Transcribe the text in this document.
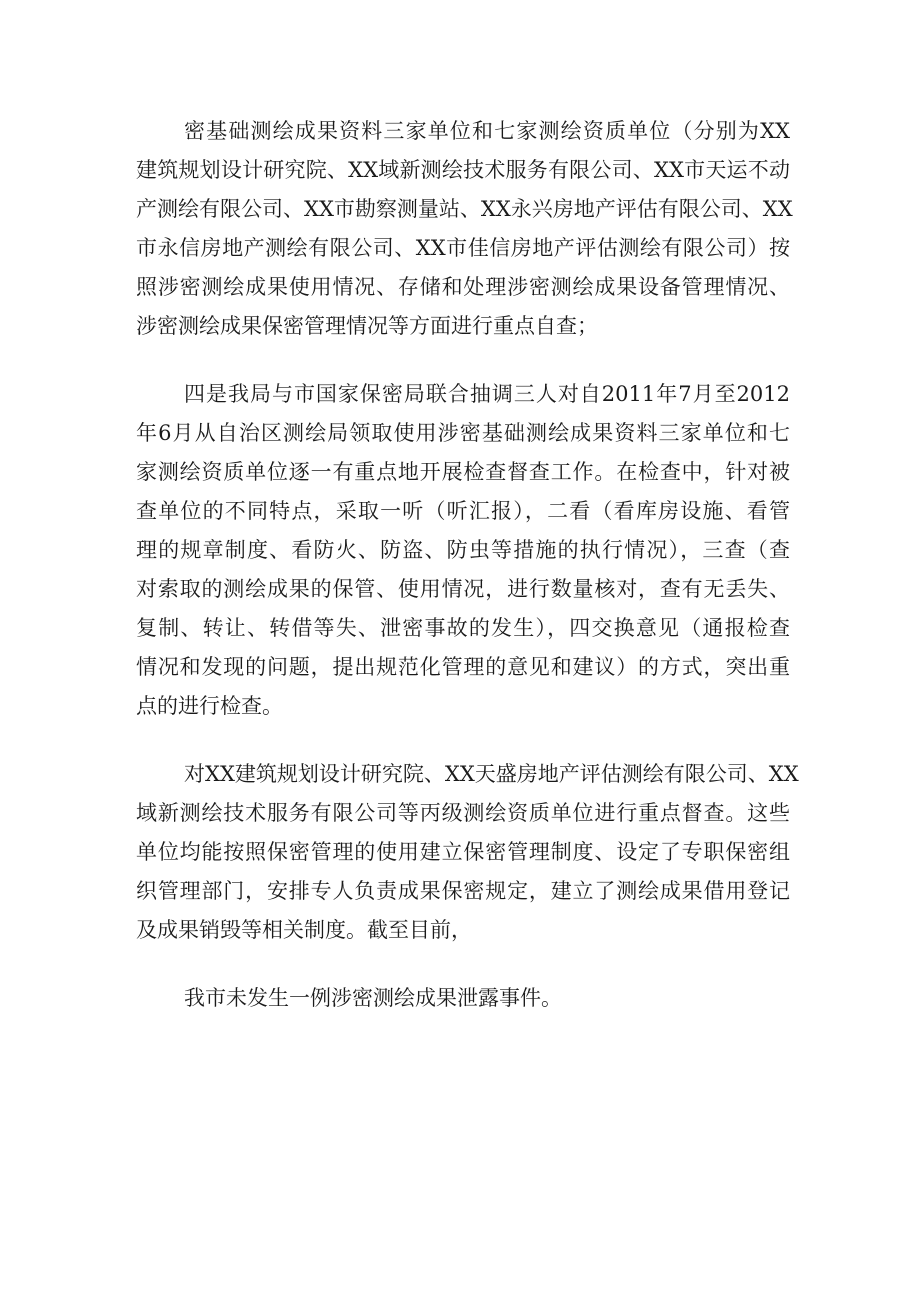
密基础测绘成果资料三家单位和七家测绘资质单位（分别为XX
建筑规划设计研究院、XX域新测绘技术服务有限公司、XX市天运不动
产测绘有限公司、XX市勘察测量站、XX永兴房地产评估有限公司、XX
市永信房地产测绘有限公司、XX市佳信房地产评估测绘有限公司）按
照涉密测绘成果使用情况、存储和处理涉密测绘成果设备管理情况、
涉密测绘成果保密管理情况等方面进行重点自查；
四是我局与市国家保密局联合抽调三人对自2011年7月至2012
年6月从自治区测绘局领取使用涉密基础测绘成果资料三家单位和七
家测绘资质单位逐一有重点地开展检查督查工作。在检查中，针对被
查单位的不同特点，采取一听（听汇报），二看（看库房设施、看管
理的规章制度、看防火、防盗、防虫等措施的执行情况），三查（查
对索取的测绘成果的保管、使用情况，进行数量核对，查有无丢失、
复制、转让、转借等失、泄密事故的发生），四交换意见（通报检查
情况和发现的问题，提出规范化管理的意见和建议）的方式，突出重
点的进行检查。
对XX建筑规划设计研究院、XX天盛房地产评估测绘有限公司、XX
域新测绘技术服务有限公司等丙级测绘资质单位进行重点督查。这些
单位均能按照保密管理的使用建立保密管理制度、设定了专职保密组
织管理部门，安排专人负责成果保密规定，建立了测绘成果借用登记
及成果销毁等相关制度。截至目前，
我市未发生一例涉密测绘成果泄露事件。
